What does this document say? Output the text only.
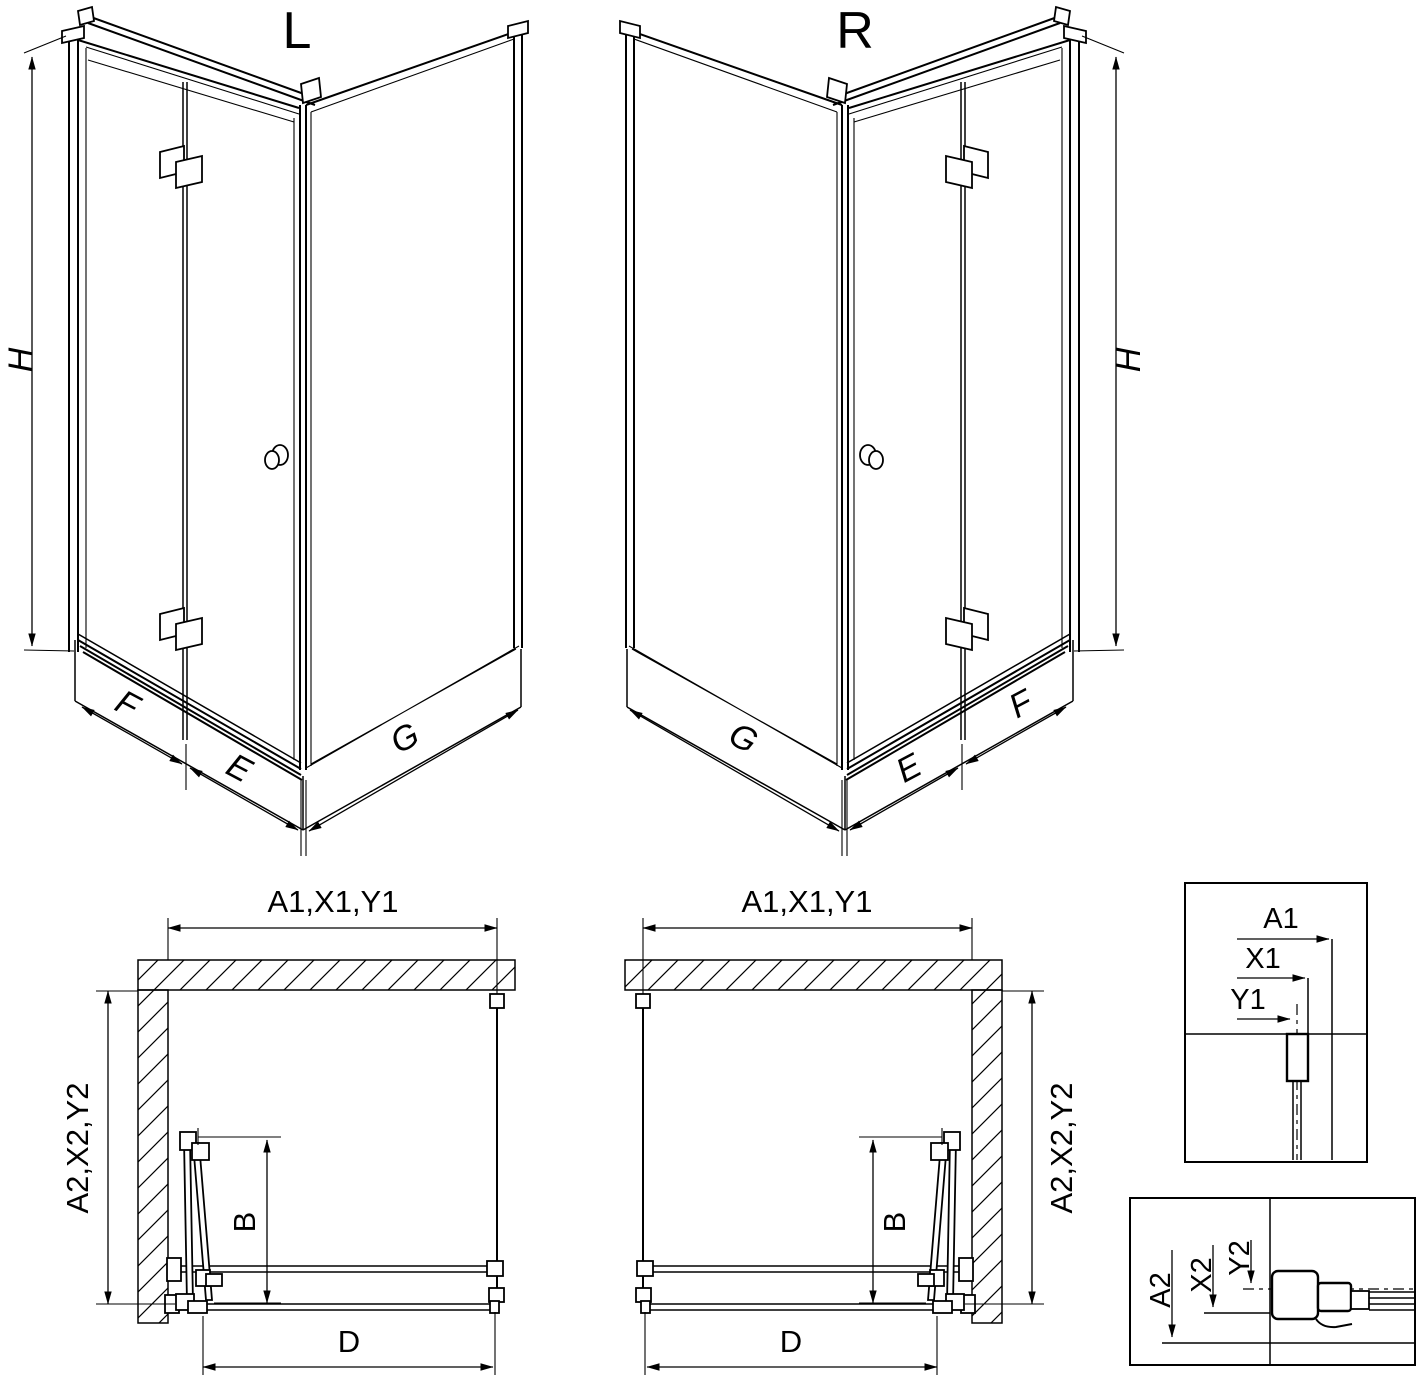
L
H
F
E
G
R
H
F
E
G
A1,X1,Y1
A2,X2,Y2
B
D
A1,X1,Y1
A2,X2,Y2
B
D
A1
X1
Y1
A2 X2 Y2
